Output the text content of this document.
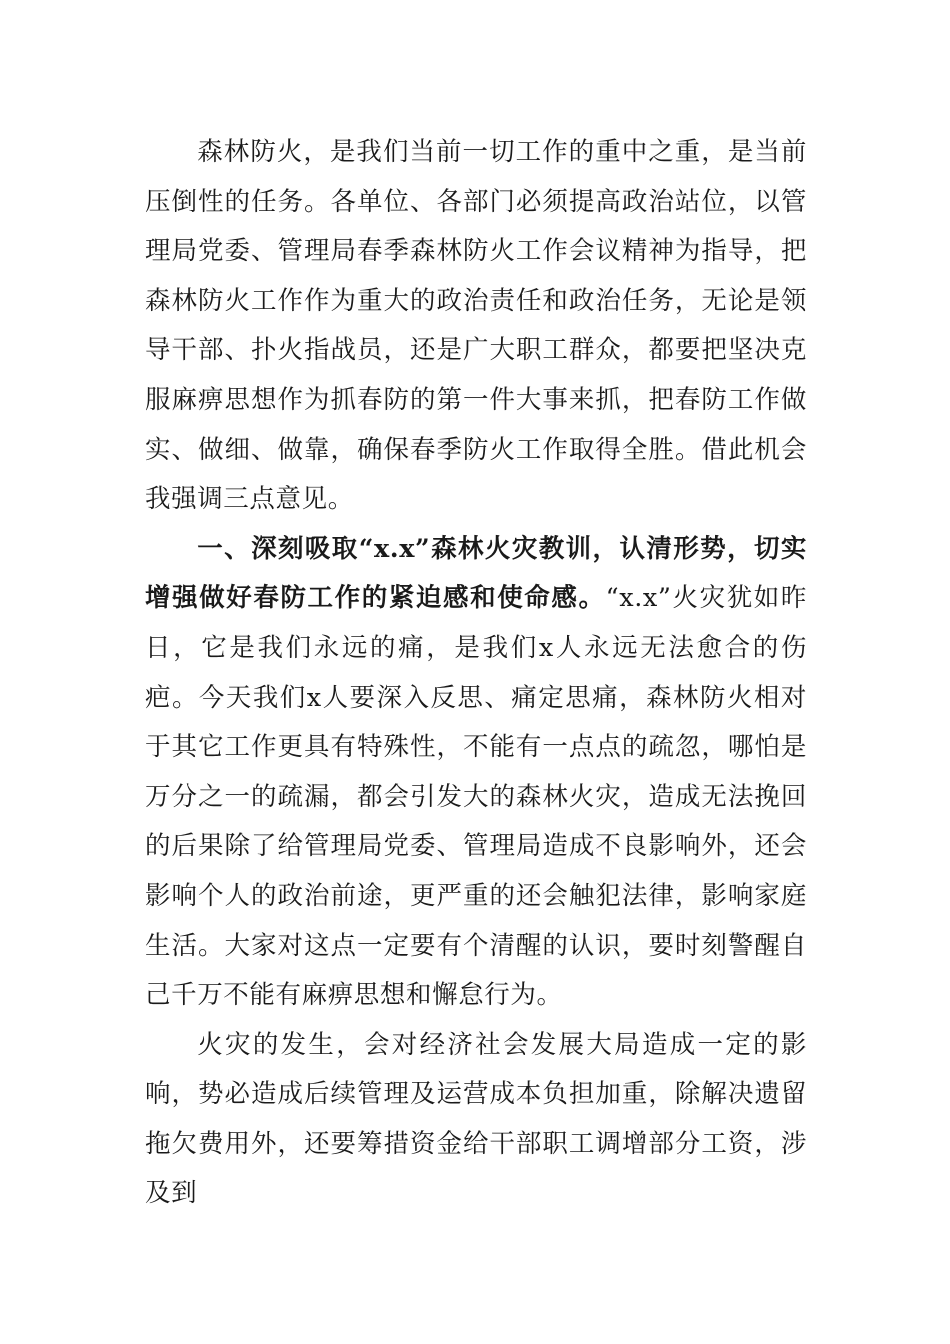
森林防火，是我们当前一切工作的重中之重，是当前压倒性的任务。各单位、各部门必须提高政治站位，以管理局党委、管理局春季森林防火工作会议精神为指导，把森林防火工作作为重大的政治责任和政治任务，无论是领导干部、扑火指战员，还是广大职工群众，都要把坚决克服麻痹思想作为抓春防的第一件大事来抓，把春防工作做实、做细、做靠，确保春季防火工作取得全胜。借此机会我强调三点意见。

一、深刻吸取“x.x”森林火灾教训，认清形势，切实增强做好春防工作的紧迫感和使命感。“x.x”火灾犹如昨日，它是我们永远的痛，是我们x人永远无法愈合的伤疤。今天我们x人要深入反思、痛定思痛，森林防火相对于其它工作更具有特殊性，不能有一点点的疏忽，哪怕是万分之一的疏漏，都会引发大的森林火灾，造成无法挽回的后果除了给管理局党委、管理局造成不良影响外，还会影响个人的政治前途，更严重的还会触犯法律，影响家庭生活。大家对这点一定要有个清醒的认识，要时刻警醒自己千万不能有麻痹思想和懈怠行为。

火灾的发生，会对经济社会发展大局造成一定的影响，势必造成后续管理及运营成本负担加重，除解决遗留拖欠费用外，还要筹措资金给干部职工调增部分工资，涉及到
